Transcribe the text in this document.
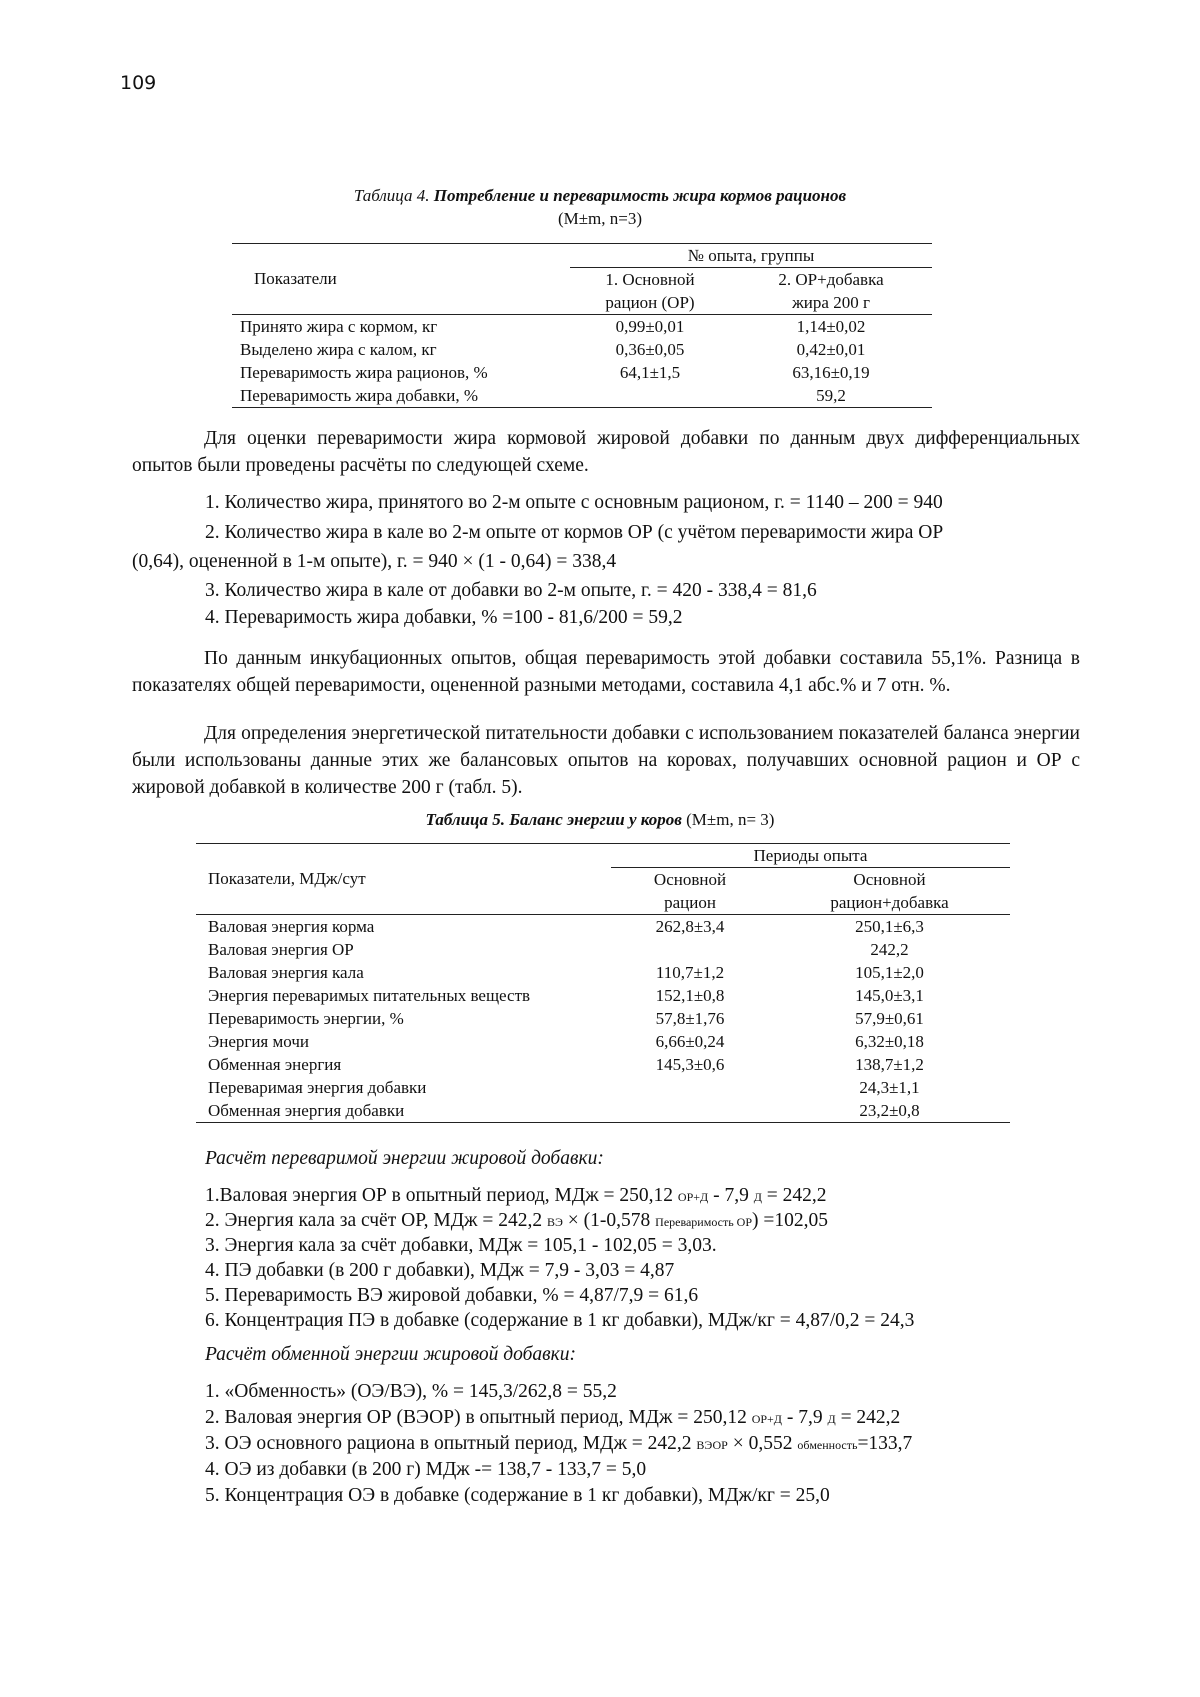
109
Таблица 4. Потребление и переваримость жира кормов рационов
(M±m, n=3)
Показатели	№ опыта, группы	
	1. Основной	2. ОР+добавка
	рацион (ОР)	жира 200 г
Принято жира с кормом, кг	0,99±0,01	1,14±0,02
Выделено жира с калом, кг	0,36±0,05	0,42±0,01
Переваримость жира рационов, %	64,1±1,5	63,16±0,19
Переваримость жира добавки, %		59,2
Для оценки переваримости жира кормовой жировой добавки по данным двух дифференциальных опытов были проведены расчёты по следующей схеме.
1. Количество жира, принятого во 2-м опыте с основным рационом, г. = 1140 – 200 = 940
2. Количество жира в кале во 2-м опыте от кормов ОР (с учётом переваримости жира ОР
(0,64), оцененной в 1-м опыте), г. = 940 × (1 - 0,64) = 338,4
3. Количество жира в кале от добавки во 2-м опыте, г. = 420 - 338,4 = 81,6
4. Переваримость жира добавки, % =100 - 81,6/200 = 59,2
По данным инкубационных опытов, общая переваримость этой добавки составила 55,1%. Разница в показателях общей переваримости, оцененной разными методами, составила 4,1 абс.% и 7 отн. %.
Для определения энергетической питательности добавки с использованием показателей баланса энергии были использованы данные этих же балансовых опытов на коровах, получавших основной рацион и ОР с жировой добавкой в количестве 200 г (табл. 5).
Таблица 5. Баланс энергии у коров (M±m, n= 3)
Показатели, МДж/сут	Периоды опыта	
	Основной	Основной
	рацион	рацион+добавка
Валовая энергия корма	262,8±3,4	250,1±6,3
Валовая энергия ОР		242,2
Валовая энергия кала	110,7±1,2	105,1±2,0
Энергия переваримых питательных веществ	152,1±0,8	145,0±3,1
Переваримость энергии, %	57,8±1,76	57,9±0,61
Энергия мочи	6,66±0,24	6,32±0,18
Обменная энергия	145,3±0,6	138,7±1,2
Переваримая энергия добавки		24,3±1,1
Обменная энергия добавки		23,2±0,8
Расчёт переваримой энергии жировой добавки:
1.Валовая энергия ОР в опытный период, МДж = 250,12 ОР+Д - 7,9 Д = 242,2
2. Энергия кала за счёт ОР, МДж = 242,2 ВЭ × (1-0,578 Переваримость ОР) =102,05
3. Энергия кала за счёт добавки, МДж = 105,1 - 102,05 = 3,03.
4. ПЭ добавки (в 200 г добавки), МДж = 7,9 - 3,03 = 4,87
5. Переваримость ВЭ жировой добавки, % = 4,87/7,9 = 61,6
6. Концентрация ПЭ в добавке (содержание в 1 кг добавки), МДж/кг = 4,87/0,2 = 24,3
Расчёт обменной энергии жировой добавки:
1. «Обменность» (ОЭ/ВЭ), % = 145,3/262,8 = 55,2
2. Валовая энергия ОР (ВЭОР) в опытный период, МДж = 250,12 ОР+Д - 7,9 Д = 242,2
3. ОЭ основного рациона в опытный период, МДж = 242,2 ВЭОР × 0,552 обменность=133,7
4. ОЭ из добавки (в 200 г) МДж -= 138,7 - 133,7 = 5,0
5. Концентрация ОЭ в добавке (содержание в 1 кг добавки), МДж/кг = 25,0
